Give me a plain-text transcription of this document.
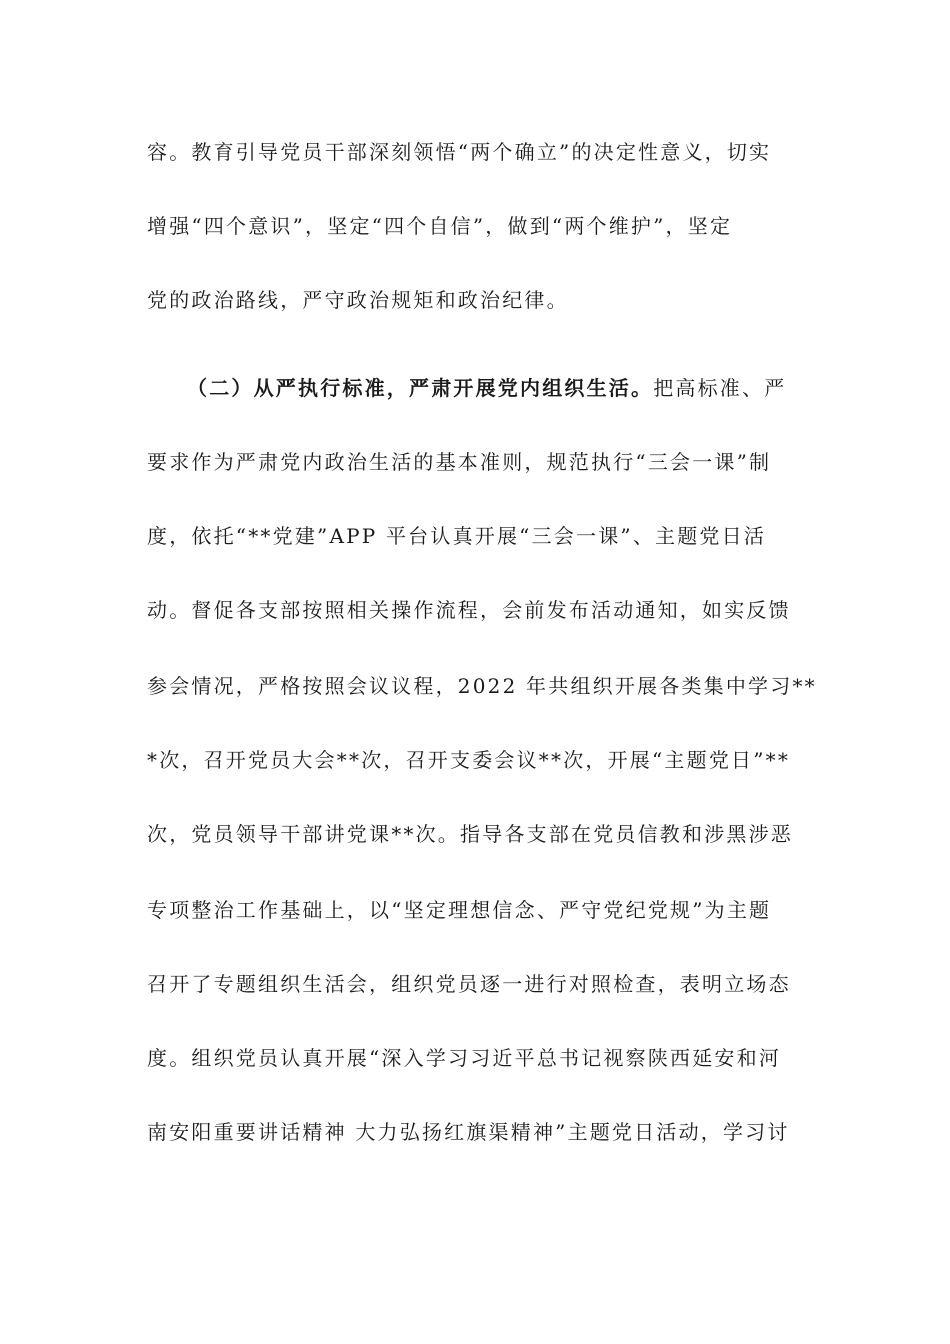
容。教育引导党员干部深刻领悟“两个确立”的决定性意义，切实
增强“四个意识”，坚定“四个自信”，做到“两个维护”，坚定
党的政治路线，严守政治规矩和政治纪律。
（二）从严执行标准，严肃开展党内组织生活。把高标准、严
要求作为严肃党内政治生活的基本准则，规范执行“三会一课”制
度，依托“**党建”APP 平台认真开展“三会一课”、主题党日活
动。督促各支部按照相关操作流程，会前发布活动通知，如实反馈
参会情况，严格按照会议议程，2022 年共组织开展各类集中学习**
*次，召开党员大会**次，召开支委会议**次，开展“主题党日”**
次，党员领导干部讲党课**次。指导各支部在党员信教和涉黑涉恶
专项整治工作基础上，以“坚定理想信念、严守党纪党规”为主题
召开了专题组织生活会，组织党员逐一进行对照检查，表明立场态
度。组织党员认真开展“深入学习习近平总书记视察陕西延安和河
南安阳重要讲话精神 大力弘扬红旗渠精神”主题党日活动，学习讨
